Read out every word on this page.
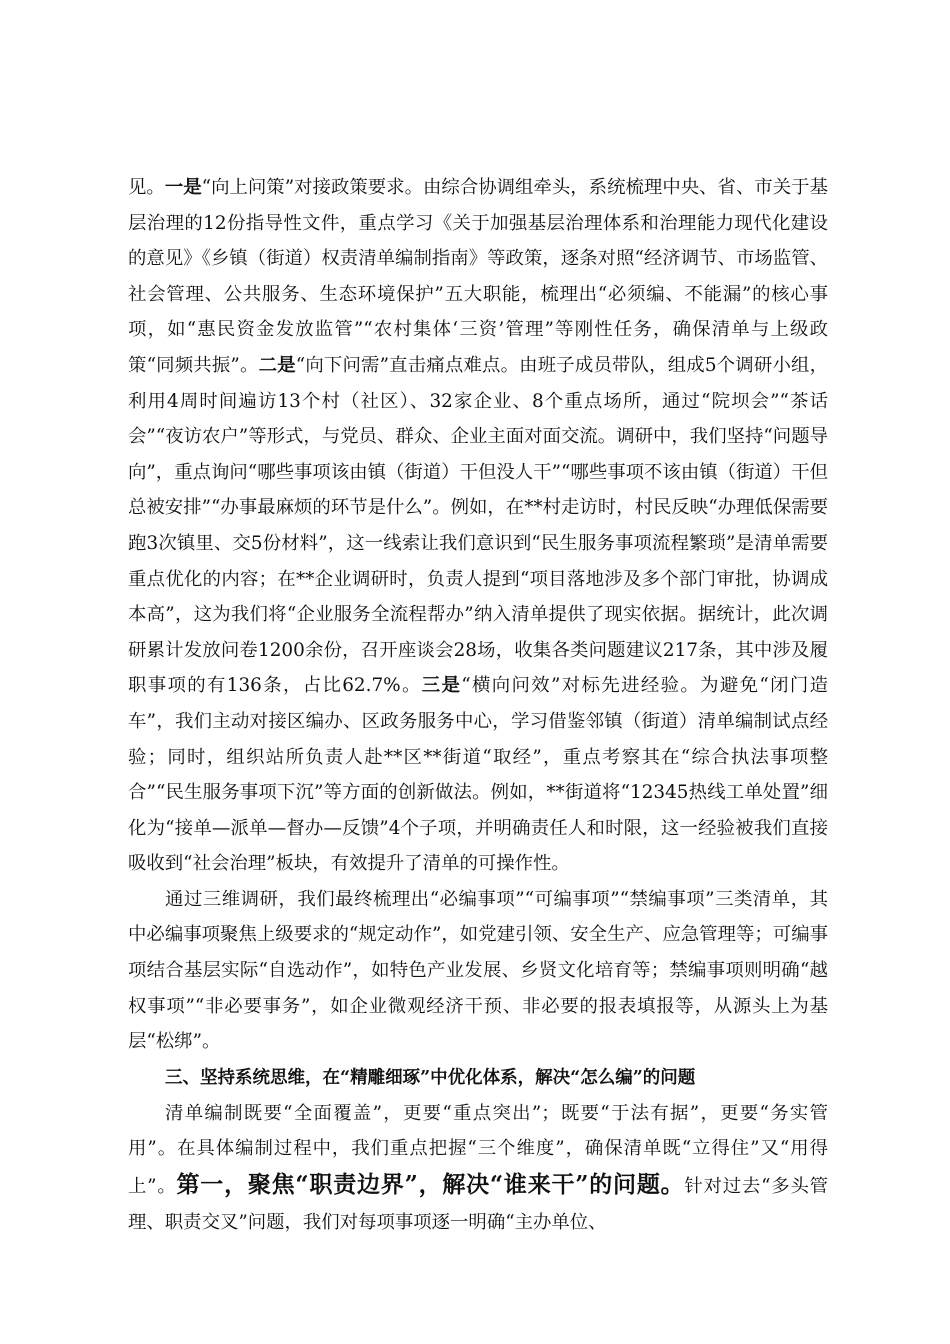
见。一是“向上问策”对接政策要求。由综合协调组牵头，系统梳理中央、省、市关于基层治理的12份指导性文件，重点学习《关于加强基层治理体系和治理能力现代化建设的意见》《乡镇（街道）权责清单编制指南》等政策，逐条对照“经济调节、市场监管、社会管理、公共服务、生态环境保护”五大职能，梳理出“必须编、不能漏”的核心事项，如“惠民资金发放监管”“农村集体‘三资’管理”等刚性任务，确保清单与上级政策“同频共振”。二是“向下问需”直击痛点难点。由班子成员带队，组成5个调研小组，利用4周时间遍访13个村（社区）、32家企业、8个重点场所，通过“院坝会”“茶话会”“夜访农户”等形式，与党员、群众、企业主面对面交流。调研中，我们坚持“问题导向”，重点询问“哪些事项该由镇（街道）干但没人干”“哪些事项不该由镇（街道）干但总被安排”“办事最麻烦的环节是什么”。例如，在**村走访时，村民反映“办理低保需要跑3次镇里、交5份材料”，这一线索让我们意识到“民生服务事项流程繁琐”是清单需要重点优化的内容；在**企业调研时，负责人提到“项目落地涉及多个部门审批，协调成本高”，这为我们将“企业服务全流程帮办”纳入清单提供了现实依据。据统计，此次调研累计发放问卷1200余份，召开座谈会28场，收集各类问题建议217条，其中涉及履职事项的有136条，占比62.7%。三是“横向问效”对标先进经验。为避免“闭门造车”，我们主动对接区编办、区政务服务中心，学习借鉴邻镇（街道）清单编制试点经验；同时，组织站所负责人赴**区**街道“取经”，重点考察其在“综合执法事项整合”“民生服务事项下沉”等方面的创新做法。例如，**街道将“12345热线工单处置”细化为“接单—派单—督办—反馈”4个子项，并明确责任人和时限，这一经验被我们直接吸收到“社会治理”板块，有效提升了清单的可操作性。

通过三维调研，我们最终梳理出“必编事项”“可编事项”“禁编事项”三类清单，其中必编事项聚焦上级要求的“规定动作”，如党建引领、安全生产、应急管理等；可编事项结合基层实际“自选动作”，如特色产业发展、乡贤文化培育等；禁编事项则明确“越权事项”“非必要事务”，如企业微观经济干预、非必要的报表填报等，从源头上为基层“松绑”。

三、坚持系统思维，在“精雕细琢”中优化体系，解决“怎么编”的问题

清单编制既要“全面覆盖”，更要“重点突出”；既要“于法有据”，更要“务实管用”。在具体编制过程中，我们重点把握“三个维度”，确保清单既“立得住”又“用得上”。第一，聚焦“职责边界”，解决“谁来干”的问题。针对过去“多头管理、职责交叉”问题，我们对每项事项逐一明确“主办单位、
